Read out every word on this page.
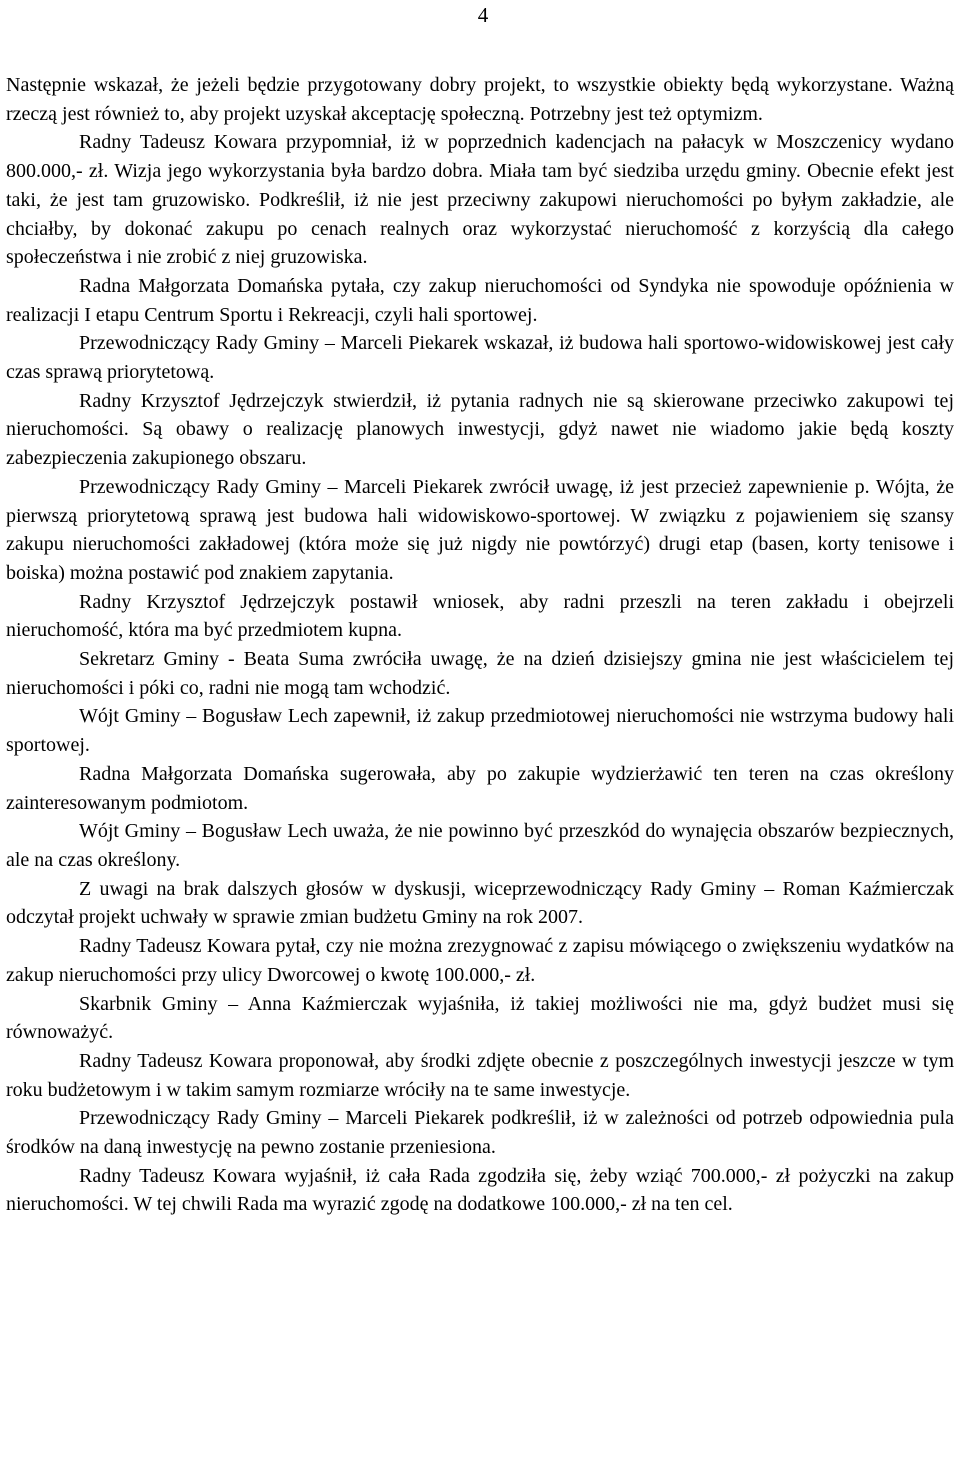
4

Następnie wskazał, że jeżeli będzie przygotowany dobry projekt, to wszystkie obiekty będą wykorzystane. Ważną rzeczą jest również to, aby projekt uzyskał akceptację społeczną. Potrzebny jest też optymizm.

Radny Tadeusz Kowara przypomniał, iż w poprzednich kadencjach na pałacyk w Moszczenicy wydano 800.000,- zł. Wizja jego wykorzystania była bardzo dobra. Miała tam być siedziba urzędu gminy. Obecnie efekt jest taki, że jest tam gruzowisko. Podkreślił, iż nie jest przeciwny zakupowi nieruchomości po byłym zakładzie, ale chciałby, by dokonać zakupu po cenach realnych oraz wykorzystać nieruchomość z korzyścią dla całego społeczeństwa i nie zrobić z niej gruzowiska.

Radna Małgorzata Domańska pytała, czy zakup nieruchomości od Syndyka nie spowoduje opóźnienia w realizacji I etapu Centrum Sportu i Rekreacji, czyli hali sportowej.

Przewodniczący Rady Gminy – Marceli Piekarek wskazał, iż budowa hali sportowo-widowiskowej jest cały czas sprawą priorytetową.

Radny Krzysztof Jędrzejczyk stwierdził, iż pytania radnych nie są skierowane przeciwko zakupowi tej nieruchomości. Są obawy o realizację planowych inwestycji, gdyż nawet nie wiadomo jakie będą koszty zabezpieczenia zakupionego obszaru.

Przewodniczący Rady Gminy – Marceli Piekarek zwrócił uwagę, iż jest przecież zapewnienie p. Wójta, że pierwszą priorytetową sprawą jest budowa hali widowiskowo-sportowej. W związku z pojawieniem się szansy zakupu nieruchomości zakładowej (która może się już nigdy nie powtórzyć) drugi etap (basen, korty tenisowe i boiska) można postawić pod znakiem zapytania.

Radny Krzysztof Jędrzejczyk postawił wniosek, aby radni przeszli na teren zakładu i obejrzeli nieruchomość, która ma być przedmiotem kupna.

Sekretarz Gminy - Beata Suma zwróciła uwagę, że na dzień dzisiejszy gmina nie jest właścicielem tej nieruchomości i póki co, radni nie mogą tam wchodzić.

Wójt Gminy – Bogusław Lech zapewnił, iż zakup przedmiotowej nieruchomości nie wstrzyma budowy hali sportowej.

Radna Małgorzata Domańska sugerowała, aby po zakupie wydzierżawić ten teren na czas określony zainteresowanym podmiotom.

Wójt Gminy – Bogusław Lech uważa, że nie powinno być przeszkód do wynajęcia obszarów bezpiecznych, ale na czas określony.

Z uwagi na brak dalszych głosów w dyskusji, wiceprzewodniczący Rady Gminy – Roman Kaźmierczak odczytał projekt uchwały w sprawie zmian budżetu Gminy na rok 2007.

Radny Tadeusz Kowara pytał, czy nie można zrezygnować z zapisu mówiącego o zwiększeniu wydatków na zakup nieruchomości przy ulicy Dworcowej o kwotę 100.000,- zł.

Skarbnik Gminy – Anna Kaźmierczak wyjaśniła, iż takiej możliwości nie ma, gdyż budżet musi się równoważyć.

Radny Tadeusz Kowara proponował, aby środki zdjęte obecnie z poszczególnych inwestycji jeszcze w tym roku budżetowym i w takim samym rozmiarze wróciły na te same inwestycje.

Przewodniczący Rady Gminy – Marceli Piekarek podkreślił, iż w zależności od potrzeb odpowiednia pula środków na daną inwestycję na pewno zostanie przeniesiona.

Radny Tadeusz Kowara wyjaśnił, iż cała Rada zgodziła się, żeby wziąć 700.000,- zł pożyczki na zakup nieruchomości. W tej chwili Rada ma wyrazić zgodę na dodatkowe 100.000,- zł na ten cel.
